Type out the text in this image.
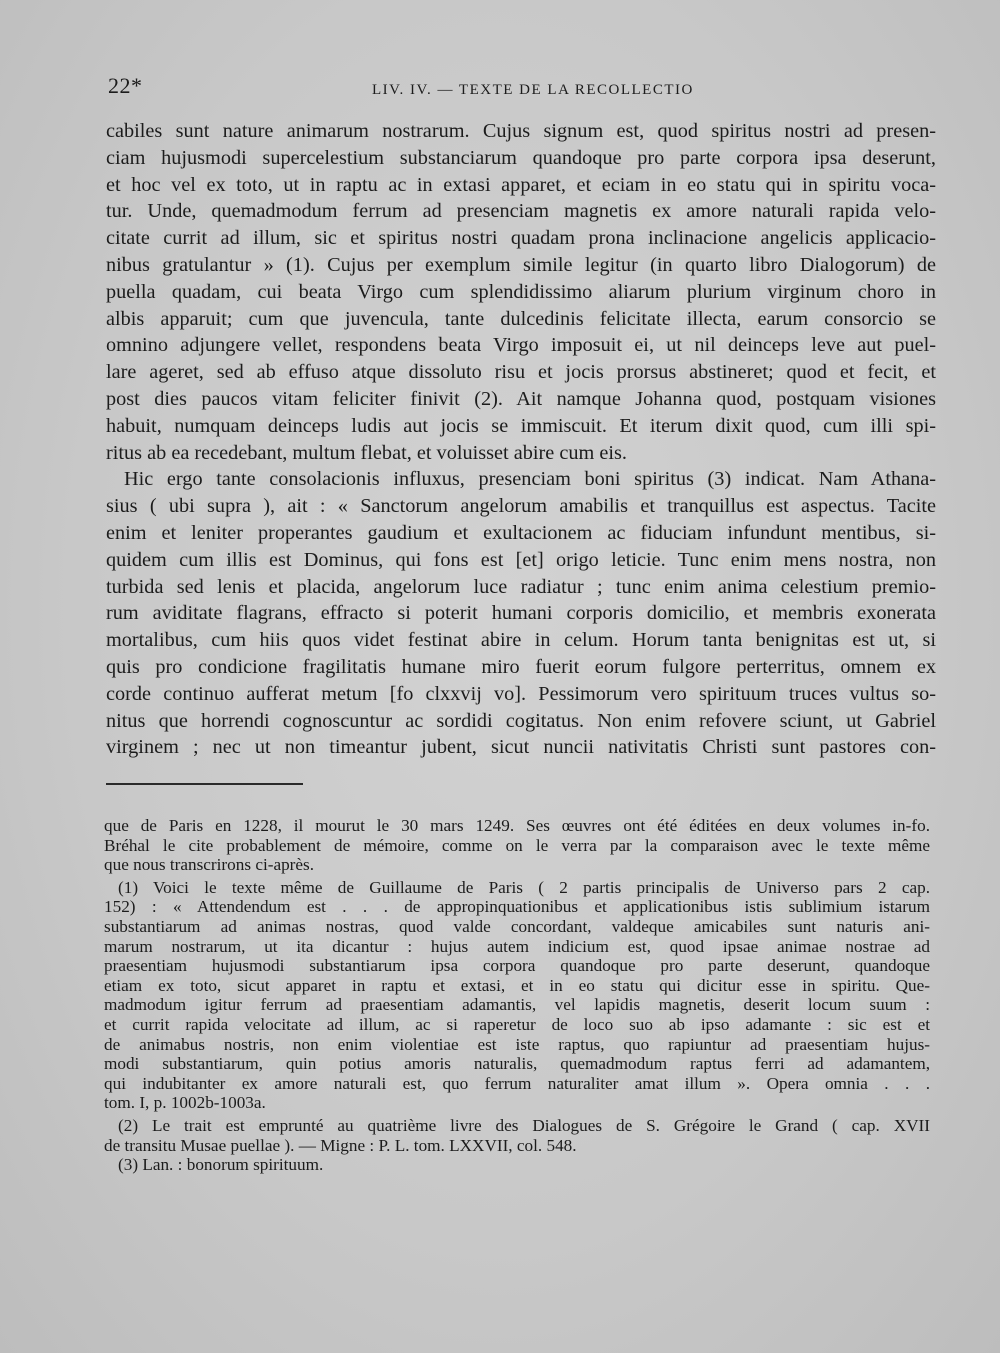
22*	LIV. IV. — TEXTE DE LA RECOLLECTIO
cabiles sunt nature animarum nostrarum. Cujus signum est, quod spiritus nostri ad presen-
ciam hujusmodi supercelestium substanciarum quandoque pro parte corpora ipsa deserunt,
et hoc vel ex toto, ut in raptu ac in extasi apparet, et eciam in eo statu qui in spiritu voca-
tur. Unde, quemadmodum ferrum ad presenciam magnetis ex amore naturali rapida velo-
citate currit ad illum, sic et spiritus nostri quadam prona inclinacione angelicis applicacio-
nibus gratulantur » (1). Cujus per exemplum simile legitur (in quarto libro Dialogorum) de
puella quadam, cui beata Virgo cum splendidissimo aliarum plurium virginum choro in
albis apparuit; cum que juvencula, tante dulcedinis felicitate illecta, earum consorcio se
omnino adjungere vellet, respondens beata Virgo imposuit ei, ut nil deinceps leve aut puel-
lare ageret, sed ab effuso atque dissoluto risu et jocis prorsus abstineret; quod et fecit, et
post dies paucos vitam feliciter finivit (2). Ait namque Johanna quod, postquam visiones
habuit, numquam deinceps ludis aut jocis se immiscuit. Et iterum dixit quod, cum illi spi-
ritus ab ea recedebant, multum flebat, et voluisset abire cum eis.
Hic ergo tante consolacionis influxus, presenciam boni spiritus (3) indicat. Nam Athana-
sius ( ubi supra ), ait : « Sanctorum angelorum amabilis et tranquillus est aspectus. Tacite
enim et leniter properantes gaudium et exultacionem ac fiduciam infundunt mentibus, si-
quidem cum illis est Dominus, qui fons est [et] origo leticie. Tunc enim mens nostra, non
turbida sed lenis et placida, angelorum luce radiatur ; tunc enim anima celestium premio-
rum aviditate flagrans, effracto si poterit humani corporis domicilio, et membris exonerata
mortalibus, cum hiis quos videt festinat abire in celum. Horum tanta benignitas est ut, si
quis pro condicione fragilitatis humane miro fuerit eorum fulgore perterritus, omnem ex
corde continuo aufferat metum [fo clxxvij vo]. Pessimorum vero spirituum truces vultus so-
nitus que horrendi cognoscuntur ac sordidi cogitatus. Non enim refovere sciunt, ut Gabriel
virginem ; nec ut non timeantur jubent, sicut nuncii nativitatis Christi sunt pastores con-
que de Paris en 1228, il mourut le 30 mars 1249. Ses œuvres ont été éditées en deux volumes in-fo.
Bréhal le cite probablement de mémoire, comme on le verra par la comparaison avec le texte même
que nous transcrirons ci-après.
(1) Voici le texte même de Guillaume de Paris ( 2 partis principalis de Universo pars 2 cap.
152) : « Attendendum est . . . de appropinquationibus et applicationibus istis sublimium istarum
substantiarum ad animas nostras, quod valde concordant, valdeque amicabiles sunt naturis ani-
marum nostrarum, ut ita dicantur : hujus autem indicium est, quod ipsae animae nostrae ad
praesentiam hujusmodi substantiarum ipsa corpora quandoque pro parte deserunt, quandoque
etiam ex toto, sicut apparet in raptu et extasi, et in eo statu qui dicitur esse in spiritu. Que-
madmodum igitur ferrum ad praesentiam adamantis, vel lapidis magnetis, deserit locum suum :
et currit rapida velocitate ad illum, ac si raperetur de loco suo ab ipso adamante : sic est et
de animabus nostris, non enim violentiae est iste raptus, quo rapiuntur ad praesentiam hujus-
modi substantiarum, quin potius amoris naturalis, quemadmodum raptus ferri ad adamantem,
qui indubitanter ex amore naturali est, quo ferrum naturaliter amat illum ». Opera omnia . . .
tom. I, p. 1002b-1003a.
(2) Le trait est emprunté au quatrième livre des Dialogues de S. Grégoire le Grand ( cap. XVII
de transitu Musae puellae ). — Migne : P. L. tom. LXXVII, col. 548.
(3) Lan. : bonorum spirituum.
